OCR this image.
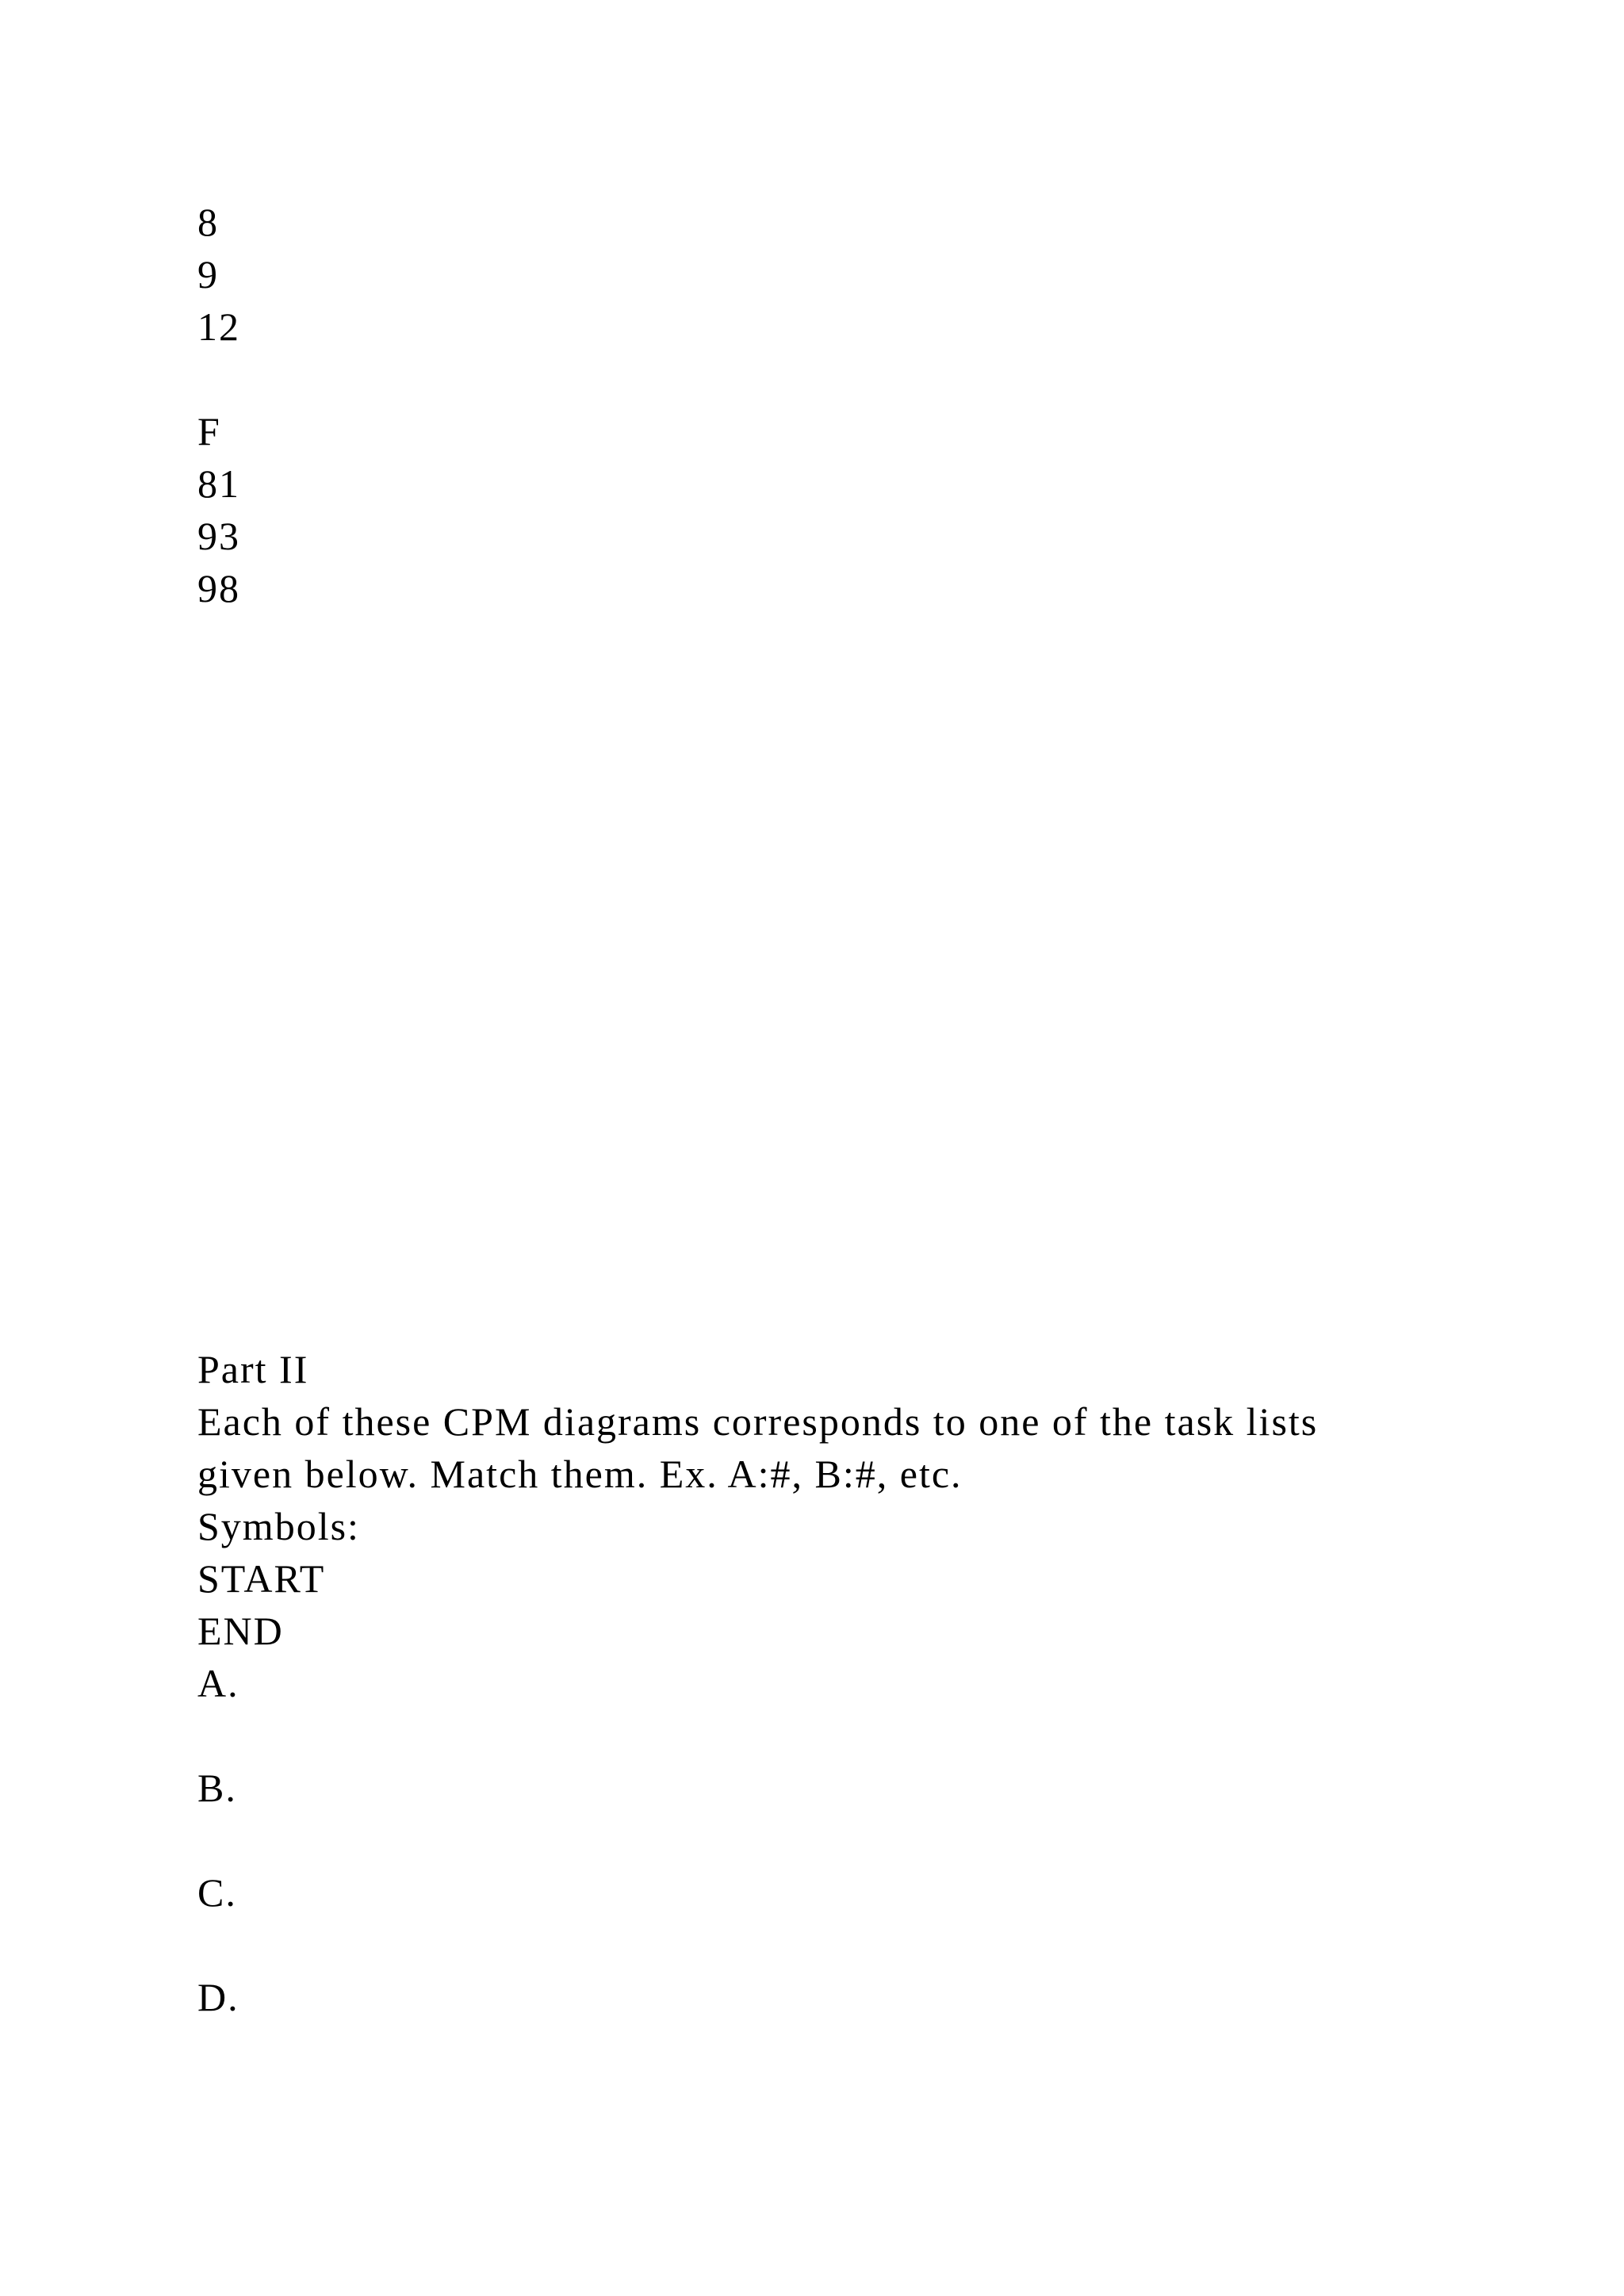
8

9

12

F

81

93

98

Part II

Each of these CPM diagrams corresponds to one of the task lists

given below. Match them. Ex. A:#, B:#, etc.

Symbols:

START

END

A.

B.

C.

D.
